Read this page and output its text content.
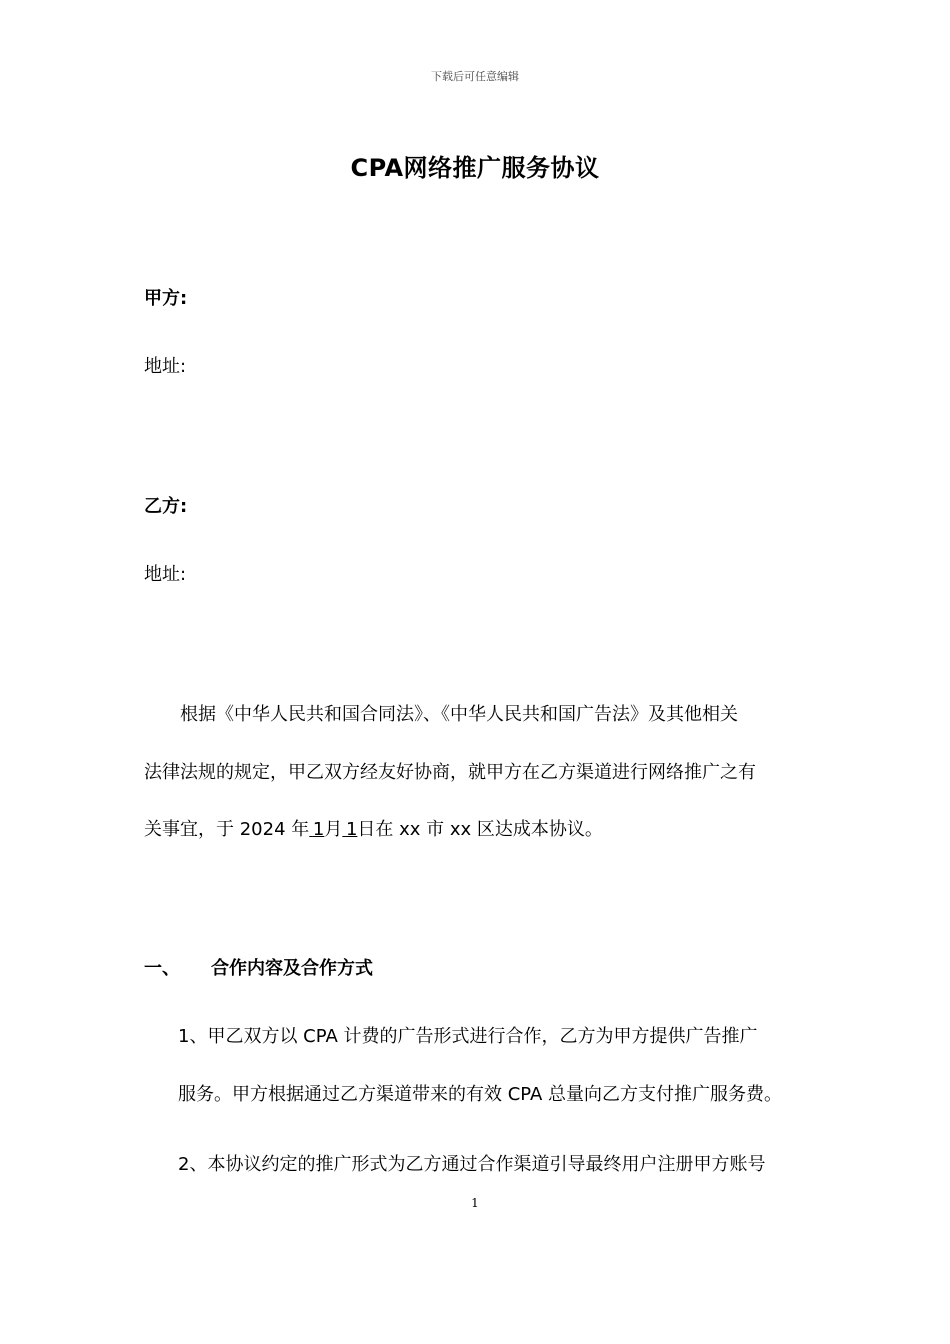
下载后可任意编辑
CPA网络推广服务协议
甲方:
地址:
乙方:
地址:
根据《中华人民共和国合同法》、《中华人民共和国广告法》及其他相关
法律法规的规定，甲乙双方经友好协商，就甲方在乙方渠道进行网络推广之有
关事宜，于 2024 年  1月  1日在 xx 市 xx 区达成本协议。
一、 合作内容及合作方式
1、甲乙双方以 CPA 计费的广告形式进行合作，乙方为甲方提供广告推广
服务。甲方根据通过乙方渠道带来的有效 CPA 总量向乙方支付推广服务费。
2、本协议约定的推广形式为乙方通过合作渠道引导最终用户注册甲方账号
1
